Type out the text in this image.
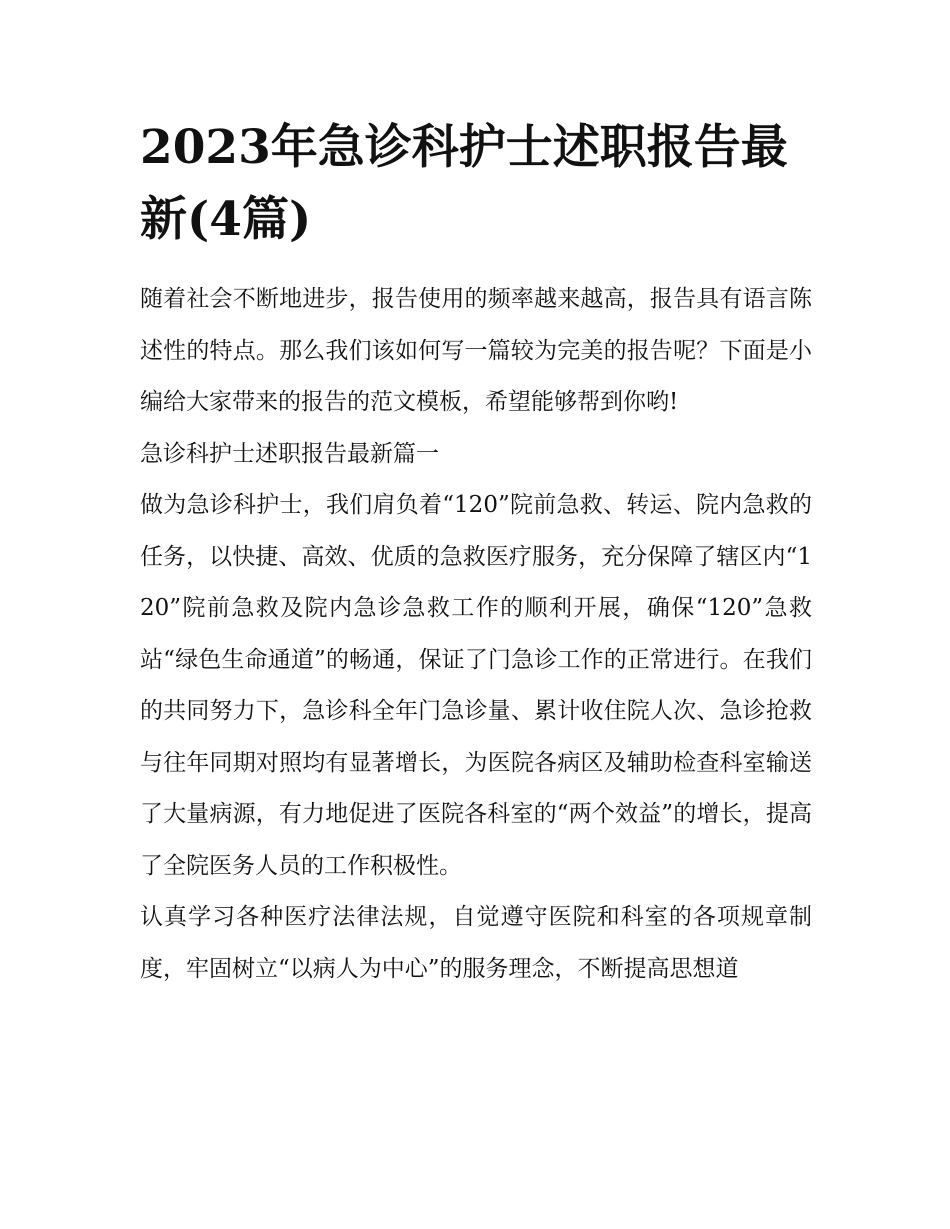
2023年急诊科护士述职报告最新(4篇)

随着社会不断地进步，报告使用的频率越来越高，报告具有语言陈述性的特点。那么我们该如何写一篇较为完美的报告呢？下面是小编给大家带来的报告的范文模板，希望能够帮到你哟!

急诊科护士述职报告最新篇一

做为急诊科护士，我们肩负着“120”院前急救、转运、院内急救的任务，以快捷、高效、优质的急救医疗服务，充分保障了辖区内“120”院前急救及院内急诊急救工作的顺利开展，确保“120”急救站“绿色生命通道”的畅通，保证了门急诊工作的正常进行。在我们的共同努力下，急诊科全年门急诊量、累计收住院人次、急诊抢救与往年同期对照均有显著增长，为医院各病区及辅助检查科室输送了大量病源，有力地促进了医院各科室的“两个效益”的增长，提高了全院医务人员的工作积极性。

认真学习各种医疗法律法规，自觉遵守医院和科室的各项规章制度，牢固树立“以病人为中心”的服务理念，不断提高思想道
